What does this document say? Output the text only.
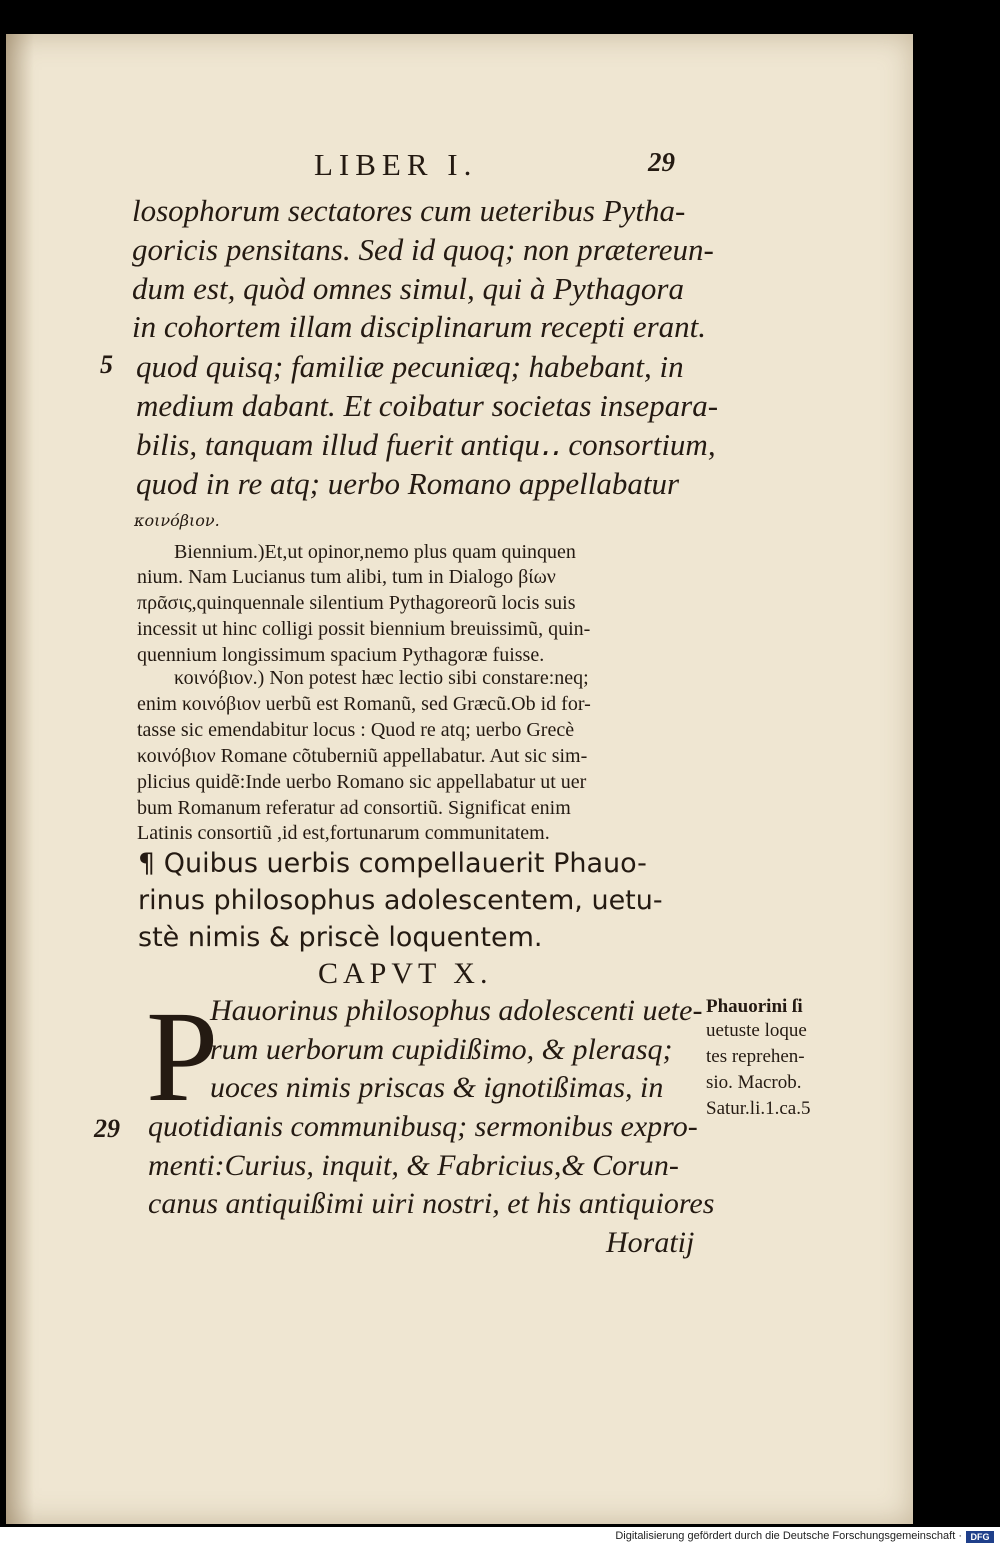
LIBER I.	29
losophorum sectatores cum ueteribus Pytha-
goricis pensitans. Sed id quoq; non prætereun-
dum est, quòd omnes simul, qui à Pythagora
in cohortem illam disciplinarum recepti erant.
5 quod quisq; familiæ pecuniæq; habebant, in
medium dabant. Et coibatur societas insepara-
bilis, tanquam illud fuerit antiqu‥ consortium,
quod in re atq; uerbo Romano appellabatur
κοινόβιον.
Biennium.)Et,ut opinor,nemo plus quam quinquen
nium. Nam Lucianus tum alibi, tum in Dialogo βίων
πρᾶσις,quinquennale silentium Pythagoreorũ locis suis
incessit ut hinc colligi possit biennium breuissimũ, quin-
quennium longissimum spacium Pythagoræ fuisse.
κοινόβιον.) Non potest hæc lectio sibi constare:neq;
enim κοινόβιον uerbũ est Romanũ, sed Græcũ.Ob id for-
tasse sic emendabitur locus : Quod re atq; uerbo Grecè
κοινόβιον Romane cõtuberniũ appellabatur. Aut sic sim-
plicius quidẽ:Inde uerbo Romano sic appellabatur ut uer
bum Romanum referatur ad consortiũ. Significat enim
Latinis consortiũ ,id est,fortunarum communitatem.
¶ Quibus uerbis compellauerit Phauo-
rinus philosophus adolescentem, uetu-
stè nimis & priscè loquentem.
CAPVT X.
P
Hauorinus philosophus adolescenti uete-
rum uerborum cupidißimo, & plerasq;
uoces nimis priscas & ignotißimas, in
29 quotidianis communibusq; sermonibus expro-
menti:Curius, inquit, & Fabricius,& Corun-
canus antiquißimi uiri nostri, et his antiquiores
Horatij
Phauorini ſi
uetuste loque
tes reprehen-
sio. Macrob.
Satur.li.1.ca.5
Digitalisierung gefördert durch die Deutsche Forschungsgemeinschaft · DFG
